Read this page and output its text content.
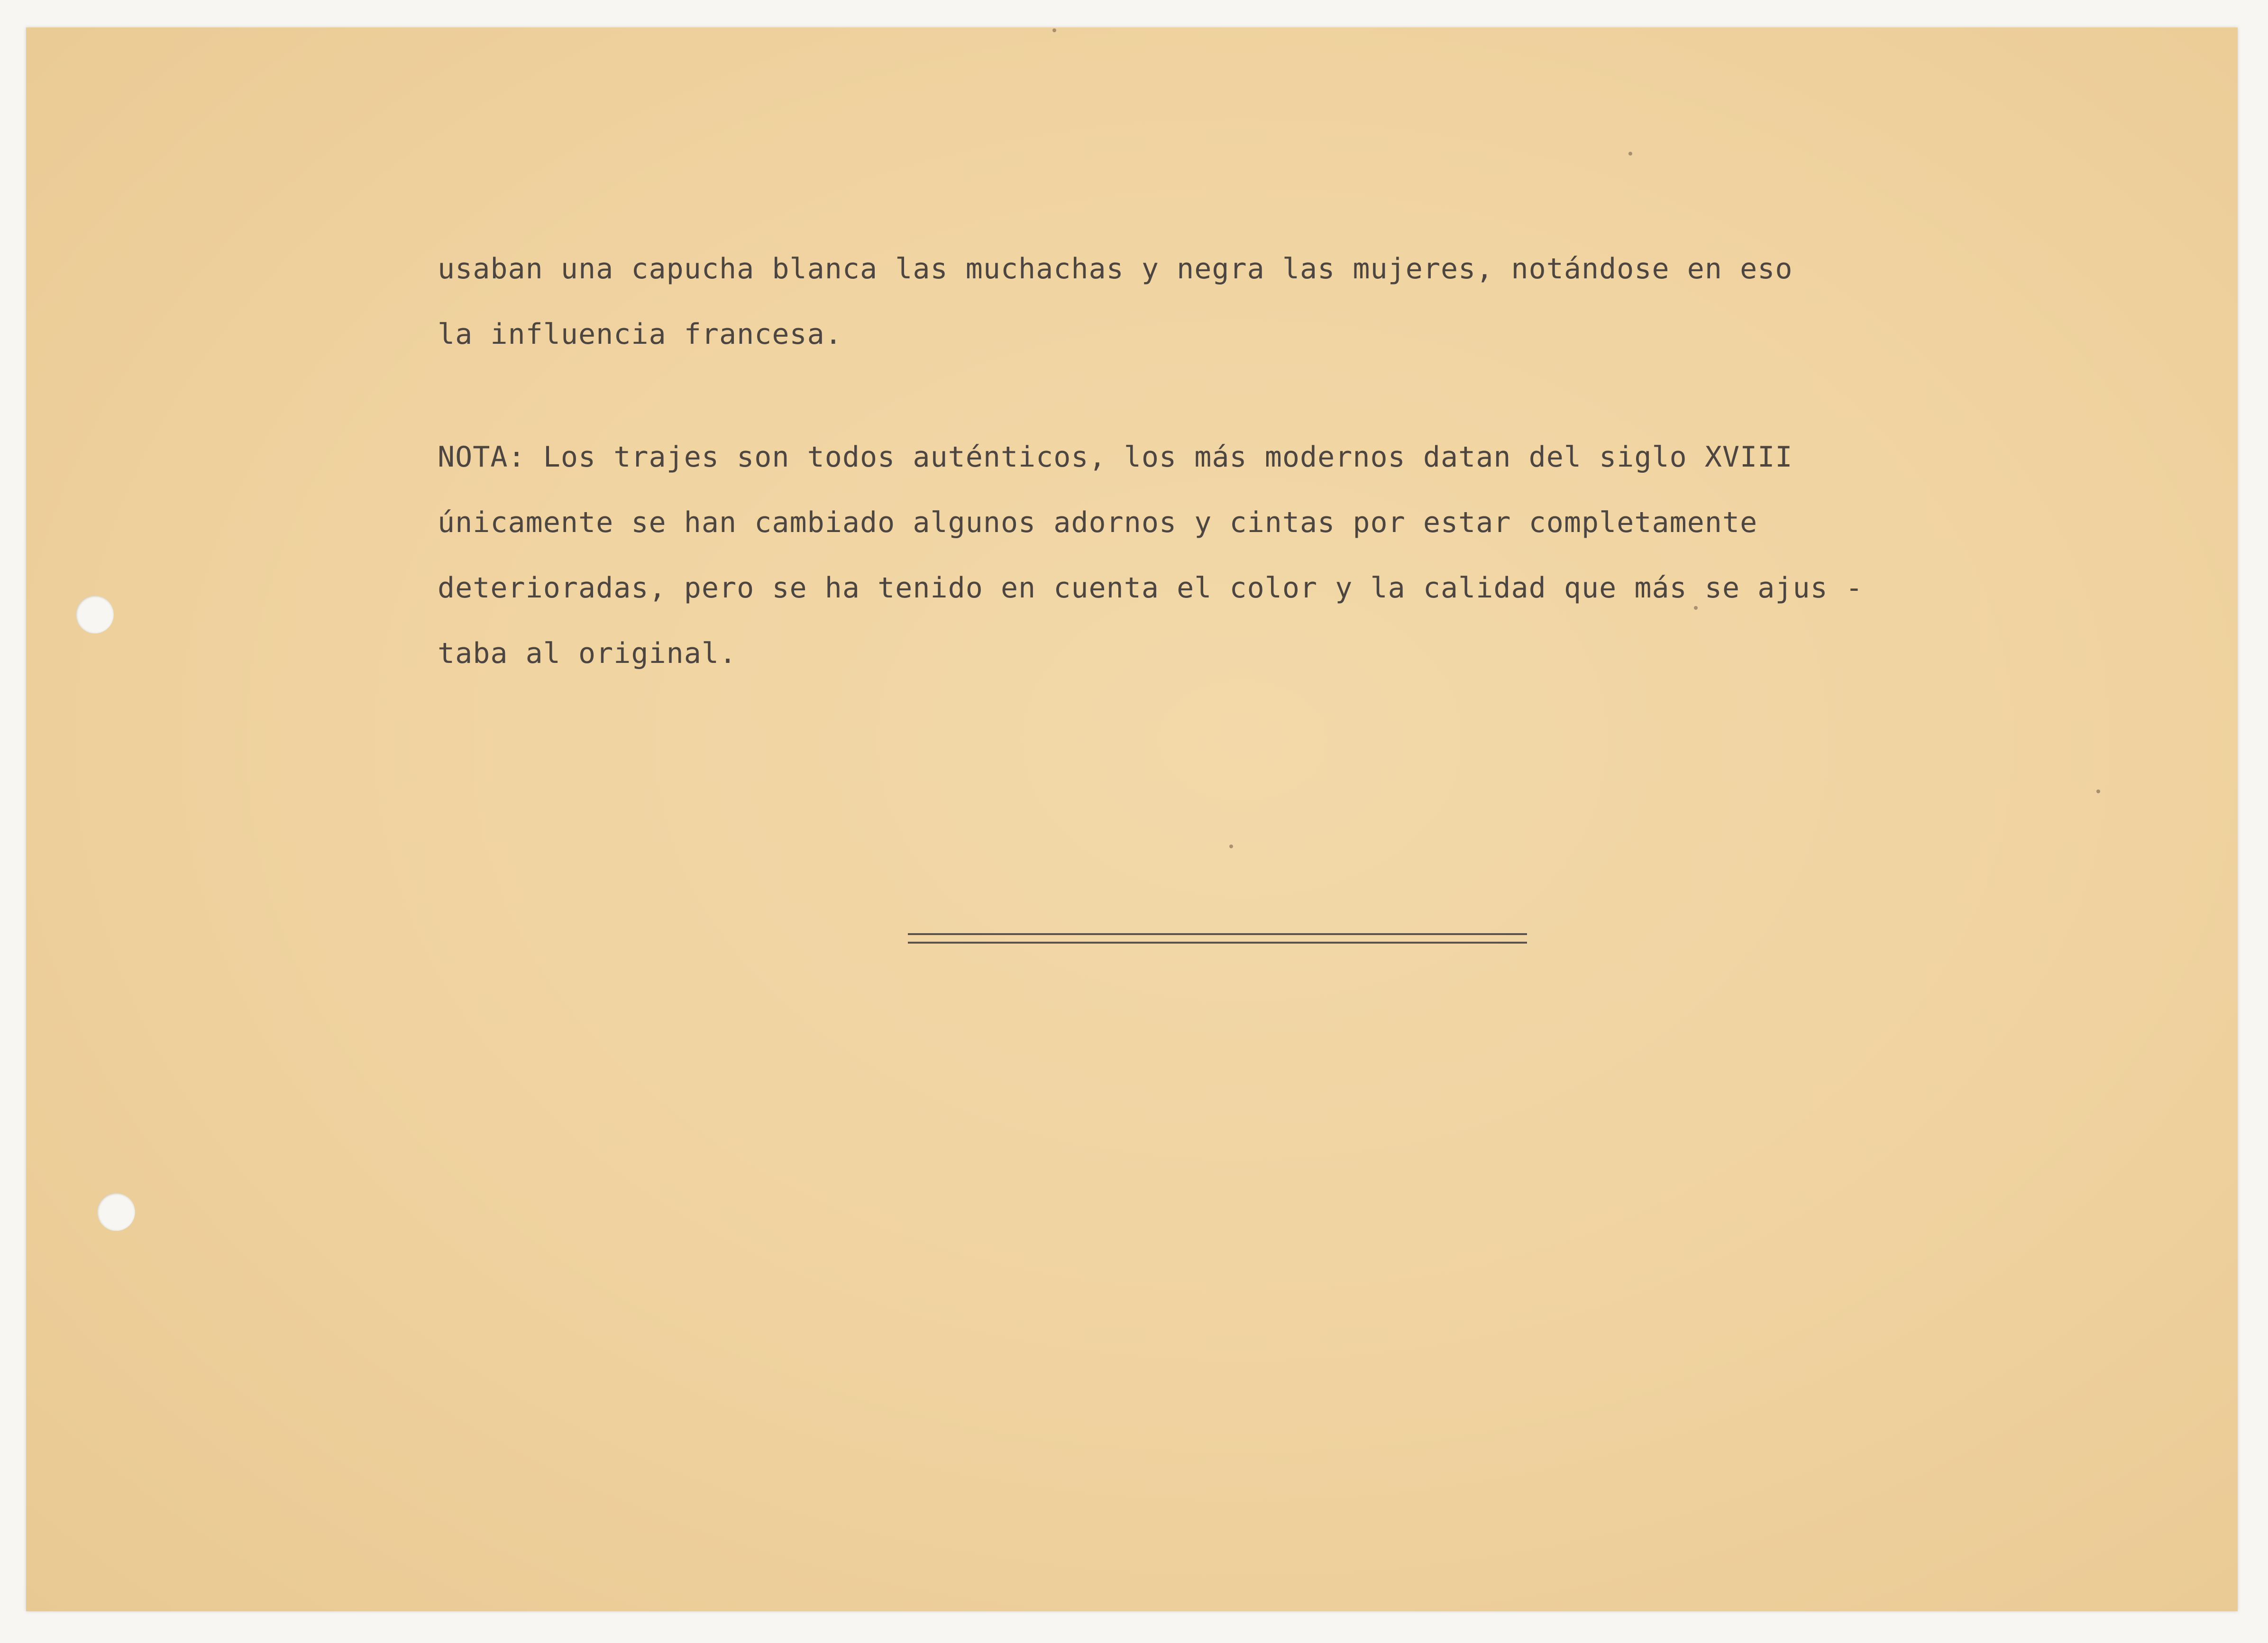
usaban una capucha blanca las muchachas y negra las mujeres, notándose en eso
la influencia francesa.
NOTA: Los trajes son todos auténticos, los más modernos datan del siglo XVIII
únicamente se han cambiado algunos adornos y cintas por estar completamente
deterioradas, pero se ha tenido en cuenta el color y la calidad que más se ajus -
taba al original.
